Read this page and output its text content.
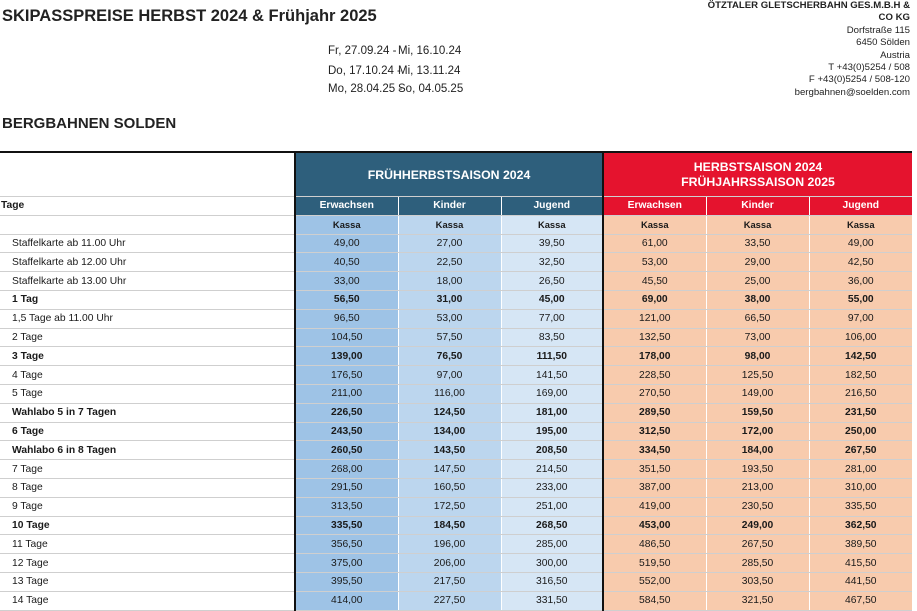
SKIPASSPREISE HERBST 2024 & Frühjahr 2025
Fr, 27.09.24 - Mi, 16.10.24
Do, 17.10.24 -
Mi, 13.11.24
Mo, 28.04.25 -
So, 04.05.25
ÖTZTALER GLETSCHERBAHN GES.M.B.H &
CO KG
Dorfstraße 115
6450 Sölden
Austria
T +43(0)5254 / 508
F +43(0)5254 / 508-120
bergbahnen@soelden.com
BERGBAHNEN SOLDEN
	FRÜHHERBSTSAISON 2024			HERBSTSAISON 2024
FRÜHJAHRSSAISON 2025		

Tage	Erwachsen	Kinder	Jugend	Erwachsen	Kinder	Jugend
	Kassa	Kassa	Kassa	Kassa	Kassa	Kassa
Staffelkarte ab 11.00 Uhr	49,00	27,00	39,50	61,00	33,50	49,00
Staffelkarte ab 12.00 Uhr	40,50	22,50	32,50	53,00	29,00	42,50
Staffelkarte ab 13.00 Uhr	33,00	18,00	26,50	45,50	25,00	36,00
1 Tag	56,50	31,00	45,00	69,00	38,00	55,00
1,5 Tage ab 11.00 Uhr	96,50	53,00	77,00	121,00	66,50	97,00
2 Tage	104,50	57,50	83,50	132,50	73,00	106,00
3 Tage	139,00	76,50	111,50	178,00	98,00	142,50
4 Tage	176,50	97,00	141,50	228,50	125,50	182,50
5 Tage	211,00	116,00	169,00	270,50	149,00	216,50
Wahlabo 5 in 7 Tagen	226,50	124,50	181,00	289,50	159,50	231,50
6 Tage	243,50	134,00	195,00	312,50	172,00	250,00
Wahlabo 6 in 8 Tagen	260,50	143,50	208,50	334,50	184,00	267,50
7 Tage	268,00	147,50	214,50	351,50	193,50	281,00
8 Tage	291,50	160,50	233,00	387,00	213,00	310,00
9 Tage	313,50	172,50	251,00	419,00	230,50	335,50
10 Tage	335,50	184,50	268,50	453,00	249,00	362,50
11 Tage	356,50	196,00	285,00	486,50	267,50	389,50
12 Tage	375,00	206,00	300,00	519,50	285,50	415,50
13 Tage	395,50	217,50	316,50	552,00	303,50	441,50
14 Tage	414,00	227,50	331,50	584,50	321,50	467,50
